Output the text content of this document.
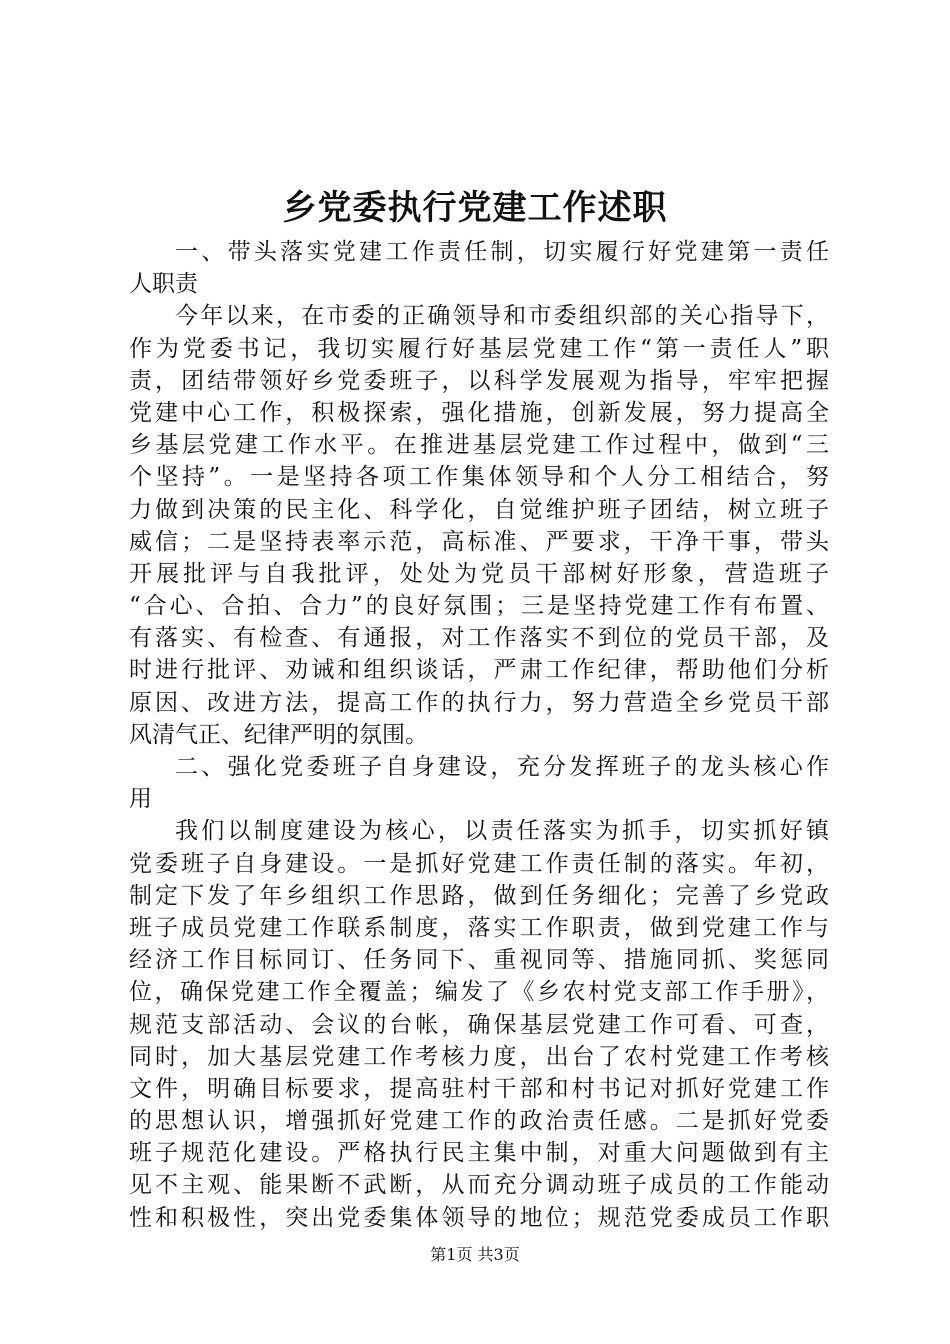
乡党委执行党建工作述职
一、带头落实党建工作责任制，切实履行好党建第一责任
人职责
今年以来，在市委的正确领导和市委组织部的关心指导下，
作为党委书记，我切实履行好基层党建工作“第一责任人”职
责，团结带领好乡党委班子，以科学发展观为指导，牢牢把握
党建中心工作，积极探索，强化措施，创新发展，努力提高全
乡基层党建工作水平。在推进基层党建工作过程中，做到“三
个坚持”。一是坚持各项工作集体领导和个人分工相结合，努
力做到决策的民主化、科学化，自觉维护班子团结，树立班子
威信；二是坚持表率示范，高标准、严要求，干净干事，带头
开展批评与自我批评，处处为党员干部树好形象，营造班子
“合心、合拍、合力”的良好氛围；三是坚持党建工作有布置、
有落实、有检查、有通报，对工作落实不到位的党员干部，及
时进行批评、劝诫和组织谈话，严肃工作纪律，帮助他们分析
原因、改进方法，提高工作的执行力，努力营造全乡党员干部
风清气正、纪律严明的氛围。
二、强化党委班子自身建设，充分发挥班子的龙头核心作
用
我们以制度建设为核心，以责任落实为抓手，切实抓好镇
党委班子自身建设。一是抓好党建工作责任制的落实。年初，
制定下发了年乡组织工作思路，做到任务细化；完善了乡党政
班子成员党建工作联系制度，落实工作职责，做到党建工作与
经济工作目标同订、任务同下、重视同等、措施同抓、奖惩同
位，确保党建工作全覆盖；编发了《乡农村党支部工作手册》，
规范支部活动、会议的台帐，确保基层党建工作可看、可查，
同时，加大基层党建工作考核力度，出台了农村党建工作考核
文件，明确目标要求，提高驻村干部和村书记对抓好党建工作
的思想认识，增强抓好党建工作的政治责任感。二是抓好党委
班子规范化建设。严格执行民主集中制，对重大问题做到有主
见不主观、能果断不武断，从而充分调动班子成员的工作能动
性和积极性，突出党委集体领导的地位；规范党委成员工作职
第1页 共3页
